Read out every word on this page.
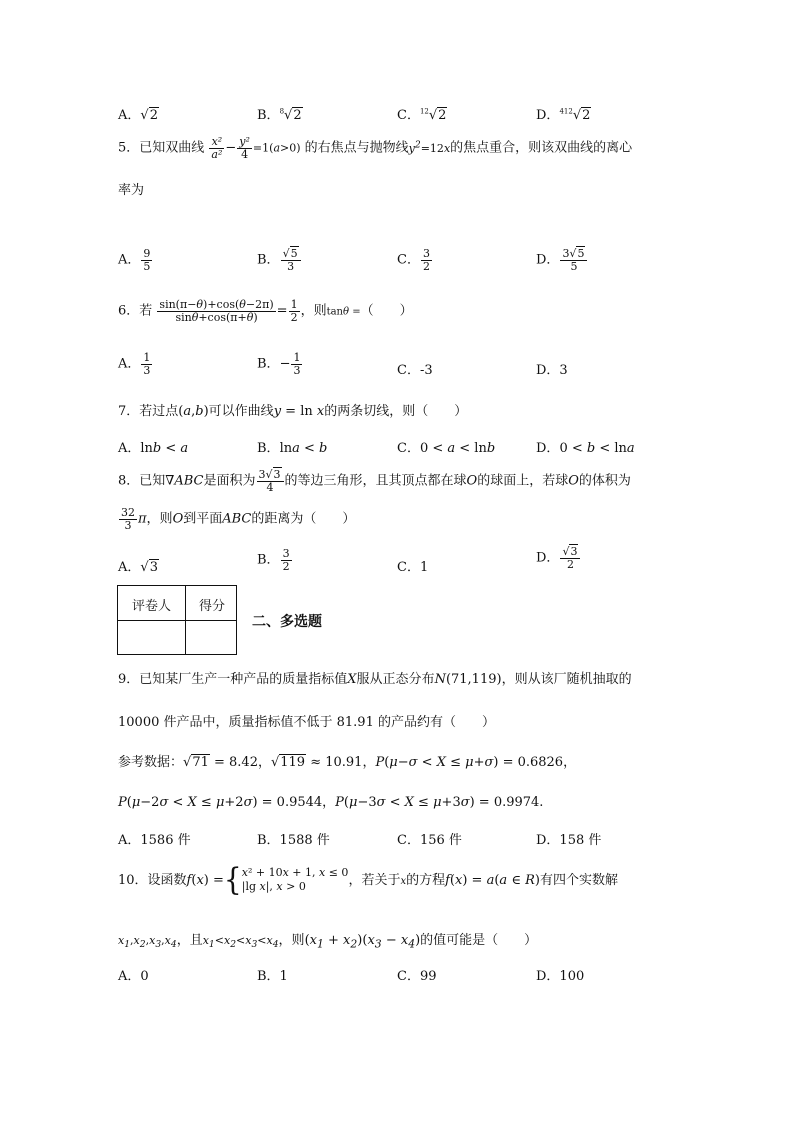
A．√2	B．$^8$√2	C．$^{12}$√2	D．$^{412}$√2
5．已知双曲线 $\frac{\text{x²}}{\text{a²}} - \frac{\text{y²}}{4} =1(a>0)$ 的右焦点与抛物线$y^2=12x$的焦点重合，则该双曲线的离心
率为
A． $\frac{9}{5}$	B． $\frac{√5}{3}$	C． $\frac{3}{2}$	D． $\frac{3√5}{5}$
6．若 $\frac{\sin(\pi-\theta)+\cos(\theta-2\pi)}{\sin\theta+\cos(\pi+\theta)} = \frac{1}{2}$ ，则tanθ =（　　）
A． $\frac{1}{3}$	B．− $\frac{1}{3}$	C．-3	D．3
7．若过点(a,b)可以作曲线y = ln x的两条切线，则（　　）
A．lnb < a	B．lna < b	C．0 < a < lnb	D．0 < b < lna
8．已知∇ABC是面积为 $\frac{3√3}{4}$ 的等边三角形，且其顶点都在球O的球面上，若球O的体积为
$\frac{32}{3}$ π，则O到平面ABC的距离为（　　）
A．√3	B． $\frac{3}{2}$	C．1
D． $\frac{√3}{2}$
评卷人	得分
二、多选题
9．已知某厂生产一种产品的质量指标值X服从正态分布N(71,119)，则从该厂随机抽取的
10000 件产品中，质量指标值不低于 81.91 的产品约有（　　）
参考数据：√71 = 8.42，√119 ≈ 10.91，P(μ−σ < X ≤ μ+σ) = 0.6826，
P(μ−2σ < X ≤ μ+2σ) = 0.9544，P(μ−3σ < X ≤ μ+3σ) = 0.9974.
A．1586 件	B．1588 件	C．156 件	D．158 件
10．设函数f(x) ={x² + 10x + 1, x ≤ 0
|lg x|, x > 0	，若关于x的方程f(x) = a(a ∈ R)有四个实数解
$x_1,x_2,x_3,x_4$，且$x_1<x_2<x_3<x_4$，则$(x_1 + x_2)(x_3 - x_4)$的值可能是（　　）
A．0	B．1	C．99	D．100
